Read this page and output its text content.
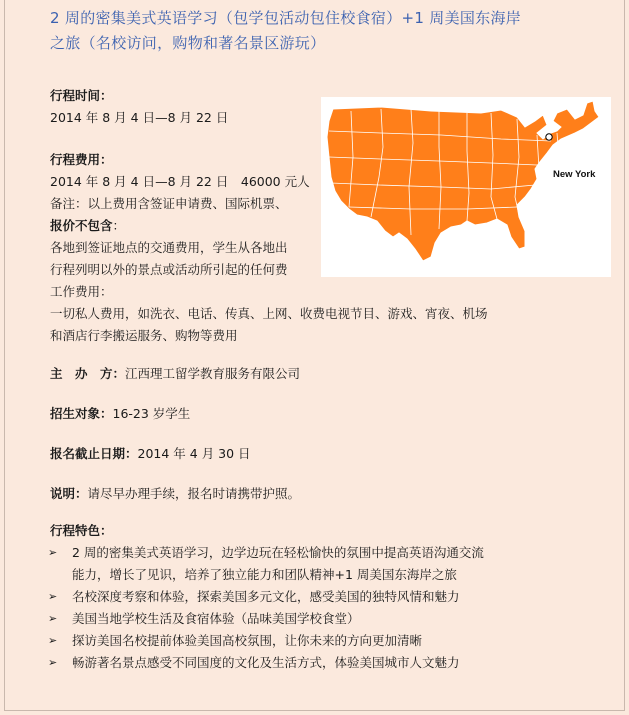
2 周的密集美式英语学习（包学包活动包住校食宿）+1 周美国东海岸
之旅（名校访问，购物和著名景区游玩）
行程时间：
2014 年 8 月 4 日—8 月 22 日
行程费用：
2014 年 8 月 4 日—8 月 22 日　46000 元人
备注：以上费用含签证申请费、国际机票、
报价不包含：
各地到签证地点的交通费用，学生从各地出
行程列明以外的景点或活动所引起的任何费
工作费用：
一切私人费用，如洗衣、电话、传真、上网、收费电视节目、游戏、宵夜、机场
和酒店行李搬运服务、购物等费用
New York
主　办　方：江西理工留学教育服务有限公司
招生对象：16-23 岁学生
报名截止日期：2014 年 4 月 30 日
说明：请尽早办理手续，报名时请携带护照。
行程特色：
➢ 2 周的密集美式英语学习，边学边玩在轻松愉快的氛围中提高英语沟通交流
能力，增长了见识，培养了独立能力和团队精神+1 周美国东海岸之旅
➢ 名校深度考察和体验，探索美国多元文化，感受美国的独特风情和魅力
➢ 美国当地学校生活及食宿体验（品味美国学校食堂）
➢ 探访美国名校提前体验美国高校氛围，让你未来的方向更加清晰
➢ 畅游著名景点感受不同国度的文化及生活方式，体验美国城市人文魅力
